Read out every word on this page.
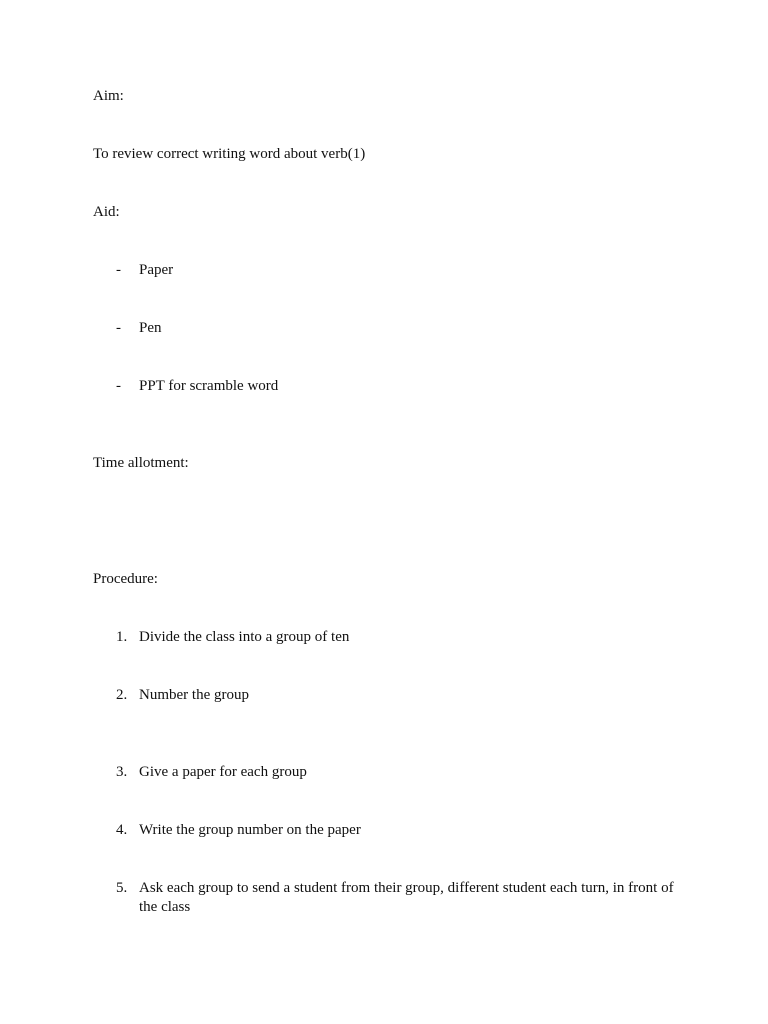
Aim:
To review correct writing word about verb(1)
Aid:
- Paper
- Pen
- PPT for scramble word
Time allotment:
Procedure:
1. Divide the class into a group of ten
2. Number the group
3. Give a paper for each group
4. Write the group number on the paper
5. Ask each group to send a student from their group, different student each turn, in front of the class
